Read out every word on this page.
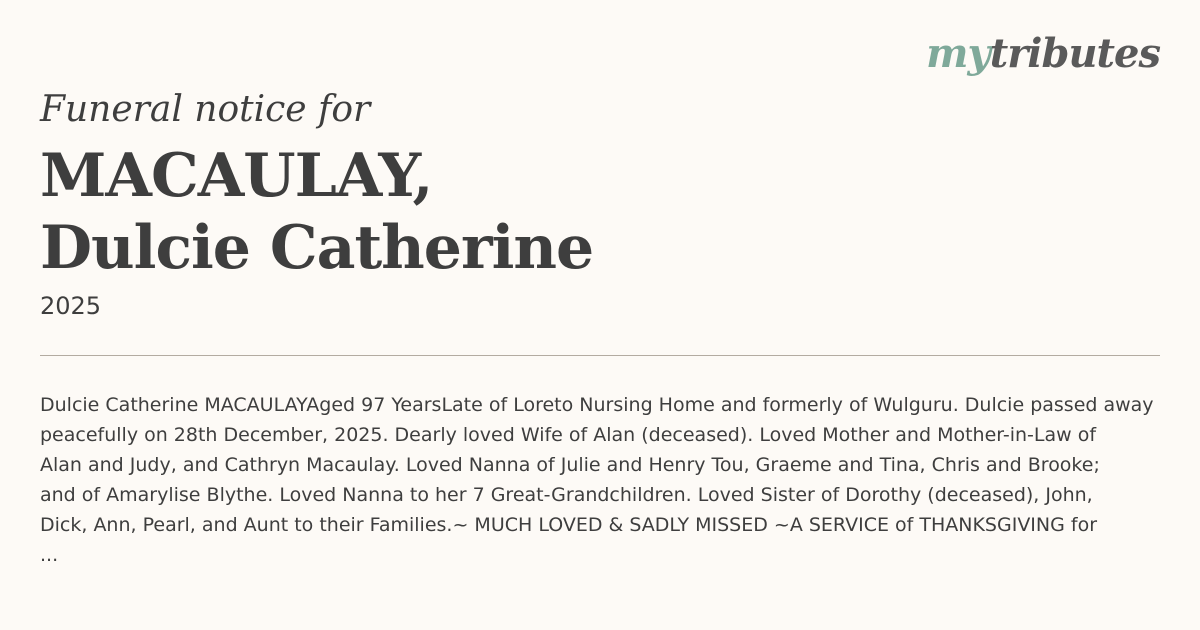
mytributes
Funeral notice for
MACAULAY,
Dulcie Catherine
2025
Dulcie Catherine MACAULAYAged 97 YearsLate of Loreto Nursing Home and formerly of Wulguru. Dulcie passed away
peacefully on 28th December, 2025. Dearly loved Wife of Alan (deceased). Loved Mother and Mother-in-Law of
Alan and Judy, and Cathryn Macaulay. Loved Nanna of Julie and Henry Tou, Graeme and Tina, Chris and Brooke;
and of Amarylise Blythe. Loved Nanna to her 7 Great-Grandchildren. Loved Sister of Dorothy (deceased), John,
Dick, Ann, Pearl, and Aunt to their Families.~ MUCH LOVED & SADLY MISSED ~A SERVICE of THANKSGIVING for
...
